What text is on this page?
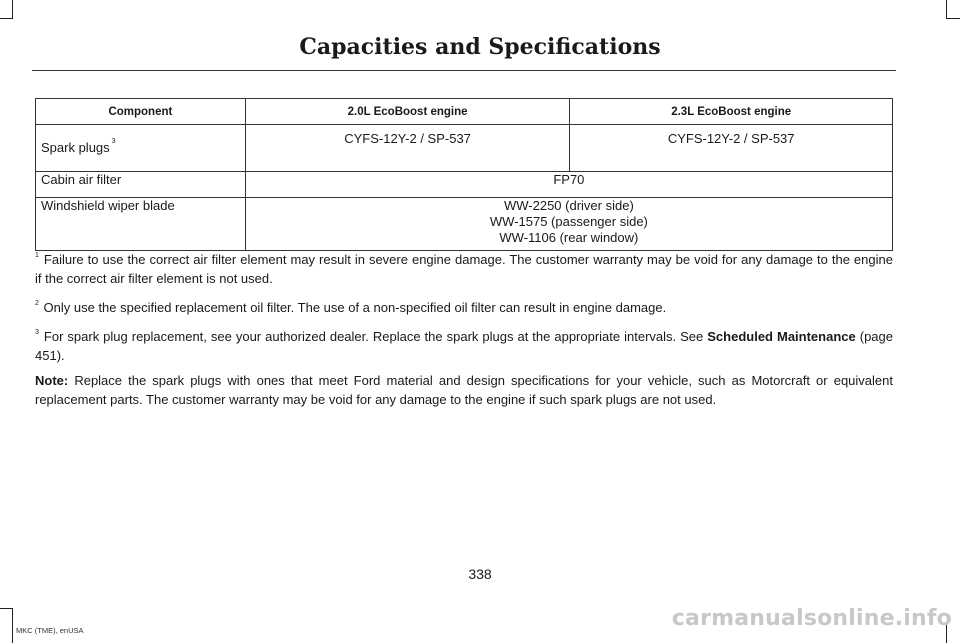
Capacities and Specifications
Component	2.0L EcoBoost engine	2.3L EcoBoost engine
Spark plugs $^3$	CYFS-12Y-2 / SP-537	CYFS-12Y-2 / SP-537
Cabin air filter	FP70	
Windshield wiper blade	WW-2250 (driver side)
WW-1575 (passenger side)
WW-1106 (rear window)	

$^1$ Failure to use the correct air filter element may result in severe engine damage. The customer warranty may be void for any damage to the engine if the correct air filter element is not used.

$^2$ Only use the specified replacement oil filter. The use of a non-specified oil filter can result in engine damage.

$^3$ For spark plug replacement, see your authorized dealer. Replace the spark plugs at the appropriate intervals. See Scheduled Maintenance (page 451).

Note: Replace the spark plugs with ones that meet Ford material and design specifications for your vehicle, such as Motorcraft or equivalent replacement parts. The customer warranty may be void for any damage to the engine if such spark plugs are not used.

338
MKC (TME), enUSA	carmanualsonline.info
